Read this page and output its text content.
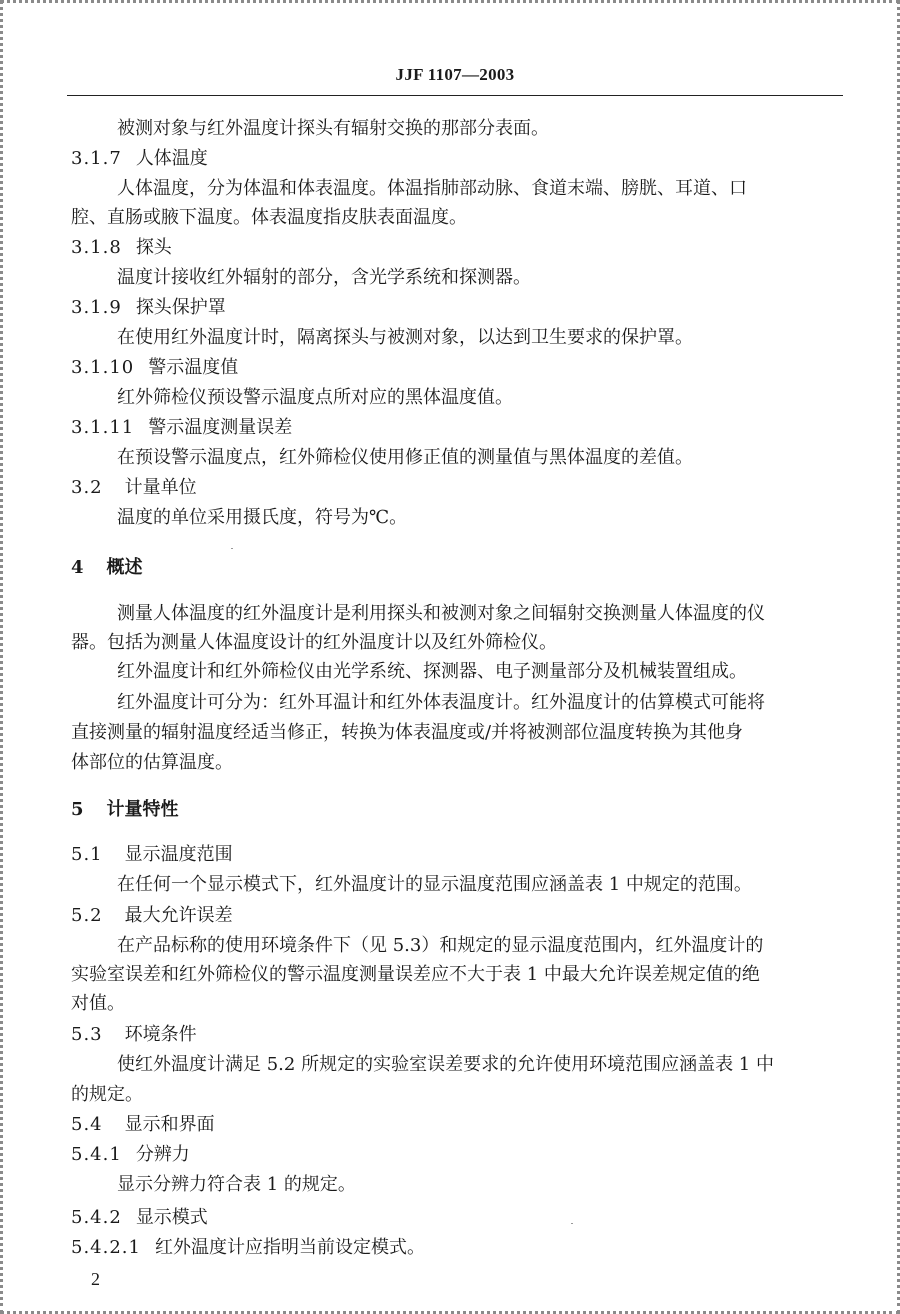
JJF 1107—2003
被测对象与红外温度计探头有辐射交换的那部分表面。
3.1.7 人体温度
人体温度，分为体温和体表温度。体温指肺部动脉、食道末端、膀胱、耳道、口
腔、直肠或腋下温度。体表温度指皮肤表面温度。
3.1.8 探头
温度计接收红外辐射的部分，含光学系统和探测器。
3.1.9 探头保护罩
在使用红外温度计时，隔离探头与被测对象，以达到卫生要求的保护罩。
3.1.10 警示温度值
红外筛检仪预设警示温度点所对应的黑体温度值。
3.1.11 警示温度测量误差
在预设警示温度点，红外筛检仪使用修正值的测量值与黑体温度的差值。
3.2 计量单位
温度的单位采用摄氏度，符号为℃。
4 概述
测量人体温度的红外温度计是利用探头和被测对象之间辐射交换测量人体温度的仪
器。包括为测量人体温度设计的红外温度计以及红外筛检仪。
红外温度计和红外筛检仪由光学系统、探测器、电子测量部分及机械装置组成。
红外温度计可分为：红外耳温计和红外体表温度计。红外温度计的估算模式可能将
直接测量的辐射温度经适当修正，转换为体表温度或/并将被测部位温度转换为其他身
体部位的估算温度。
5 计量特性
5.1 显示温度范围
在任何一个显示模式下，红外温度计的显示温度范围应涵盖表 1 中规定的范围。
5.2 最大允许误差
在产品标称的使用环境条件下（见 5.3）和规定的显示温度范围内，红外温度计的
实验室误差和红外筛检仪的警示温度测量误差应不大于表 1 中最大允许误差规定值的绝
对值。
5.3 环境条件
使红外温度计满足 5.2 所规定的实验室误差要求的允许使用环境范围应涵盖表 1 中
的规定。
5.4 显示和界面
5.4.1 分辨力
显示分辨力符合表 1 的规定。
5.4.2 显示模式
5.4.2.1 红外温度计应指明当前设定模式。
2
